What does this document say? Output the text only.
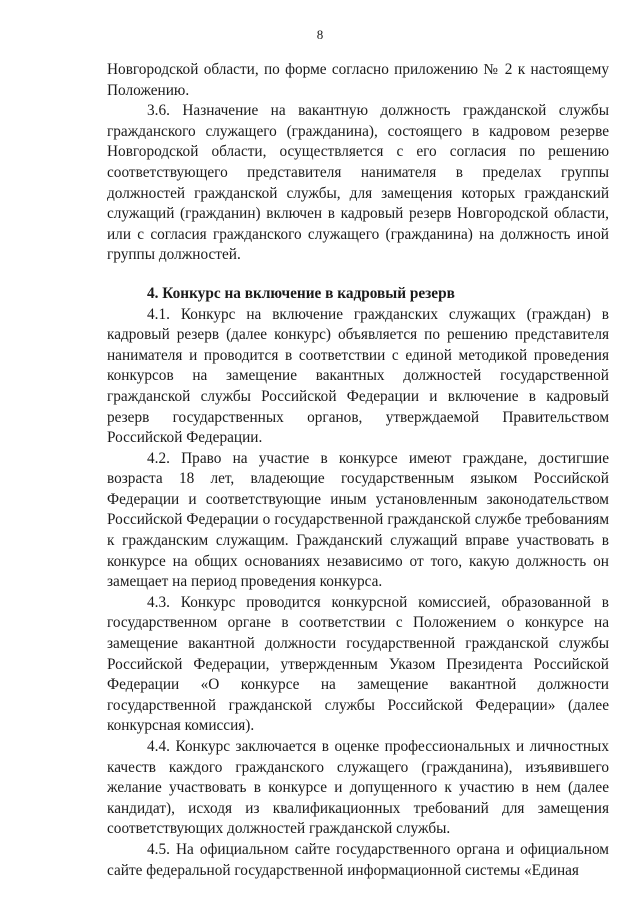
8

Новгородской области, по форме согласно приложению № 2 к настоящему Положению.

3.6. Назначение на вакантную должность гражданской службы гражданского служащего (гражданина), состоящего в кадровом резерве Новгородской области, осуществляется с его согласия по решению соответствующего представителя нанимателя в пределах группы должностей гражданской службы, для замещения которых гражданский служащий (гражданин) включен в кадровый резерв Новгородской области, или с согласия гражданского служащего (гражданина) на должность иной группы должностей.

4. Конкурс на включение в кадровый резерв

4.1. Конкурс на включение гражданских служащих (граждан) в кадровый резерв (далее конкурс) объявляется по решению представителя нанимателя и проводится в соответствии с единой методикой проведения конкурсов на замещение вакантных должностей государственной гражданской службы Российской Федерации и включение в кадровый резерв государственных органов, утверждаемой Правительством Российской Федерации.

4.2. Право на участие в конкурсе имеют граждане, достигшие возраста 18 лет, владеющие государственным языком Российской Федерации и соответствующие иным установленным законодательством Российской Федерации о государственной гражданской службе требованиям к гражданским служащим. Гражданский служащий вправе участвовать в конкурсе на общих основаниях независимо от того, какую должность он замещает на период проведения конкурса.

4.3. Конкурс проводится конкурсной комиссией, образованной в государственном органе в соответствии с Положением о конкурсе на замещение вакантной должности государственной гражданской службы Российской Федерации, утвержденным Указом Президента Российской Федерации «О конкурсе на замещение вакантной должности государственной гражданской службы Российской Федерации» (далее конкурсная комиссия).

4.4. Конкурс заключается в оценке профессиональных и личностных качеств каждого гражданского служащего (гражданина), изъявившего желание участвовать в конкурсе и допущенного к участию в нем (далее кандидат), исходя из квалификационных требований для замещения соответствующих должностей гражданской службы.

4.5. На официальном сайте государственного органа и официальном сайте федеральной государственной информационной системы «Единая
